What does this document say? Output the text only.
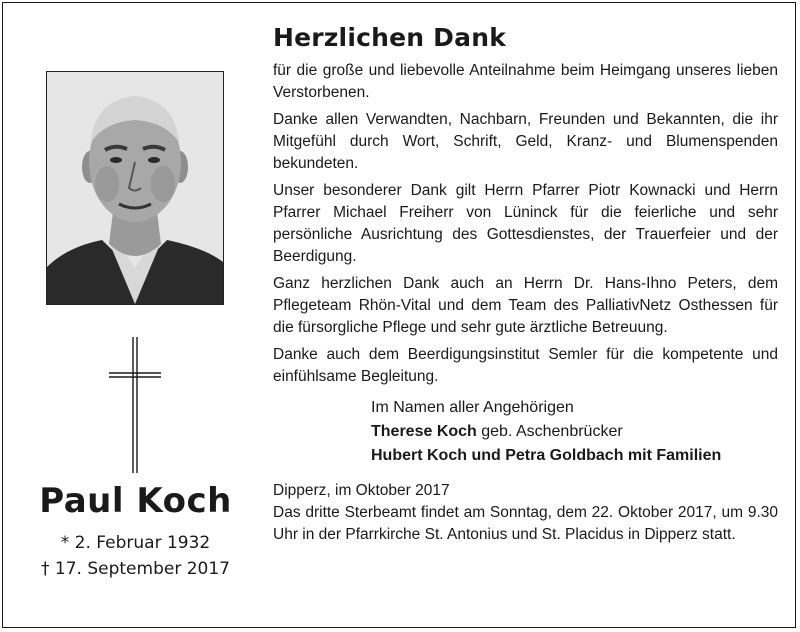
Paul Koch
* 2. Februar 1932
† 17. September 2017
Herzlichen Dank

für die große und liebevolle Anteilnahme beim Heimgang unseres lieben Verstorbenen.

Danke allen Verwandten, Nachbarn, Freunden und Bekannten, die ihr Mitgefühl durch Wort, Schrift, Geld, Kranz- und Blumenspenden bekundeten.

Unser besonderer Dank gilt Herrn Pfarrer Piotr Kownacki und Herrn Pfarrer Michael Freiherr von Lüninck für die feierliche und sehr persönliche Ausrichtung des Gottesdienstes, der Trauerfeier und der Beerdigung.

Ganz herzlichen Dank auch an Herrn Dr. Hans-Ihno Peters, dem Pflegeteam Rhön-Vital und dem Team des PalliativNetz Osthessen für die fürsorgliche Pflege und sehr gute ärztliche Betreuung.

Danke auch dem Beerdigungsinstitut Semler für die kompetente und einfühlsame Begleitung.

Im Namen aller Angehörigen
Therese Koch geb. Aschenbrücker
Hubert Koch und Petra Goldbach mit Familien
Dipperz, im Oktober 2017

Das dritte Sterbeamt findet am Sonntag, dem 22. Oktober 2017, um 9.30 Uhr in der Pfarrkirche St. Antonius und St. Placidus in Dipperz statt.
